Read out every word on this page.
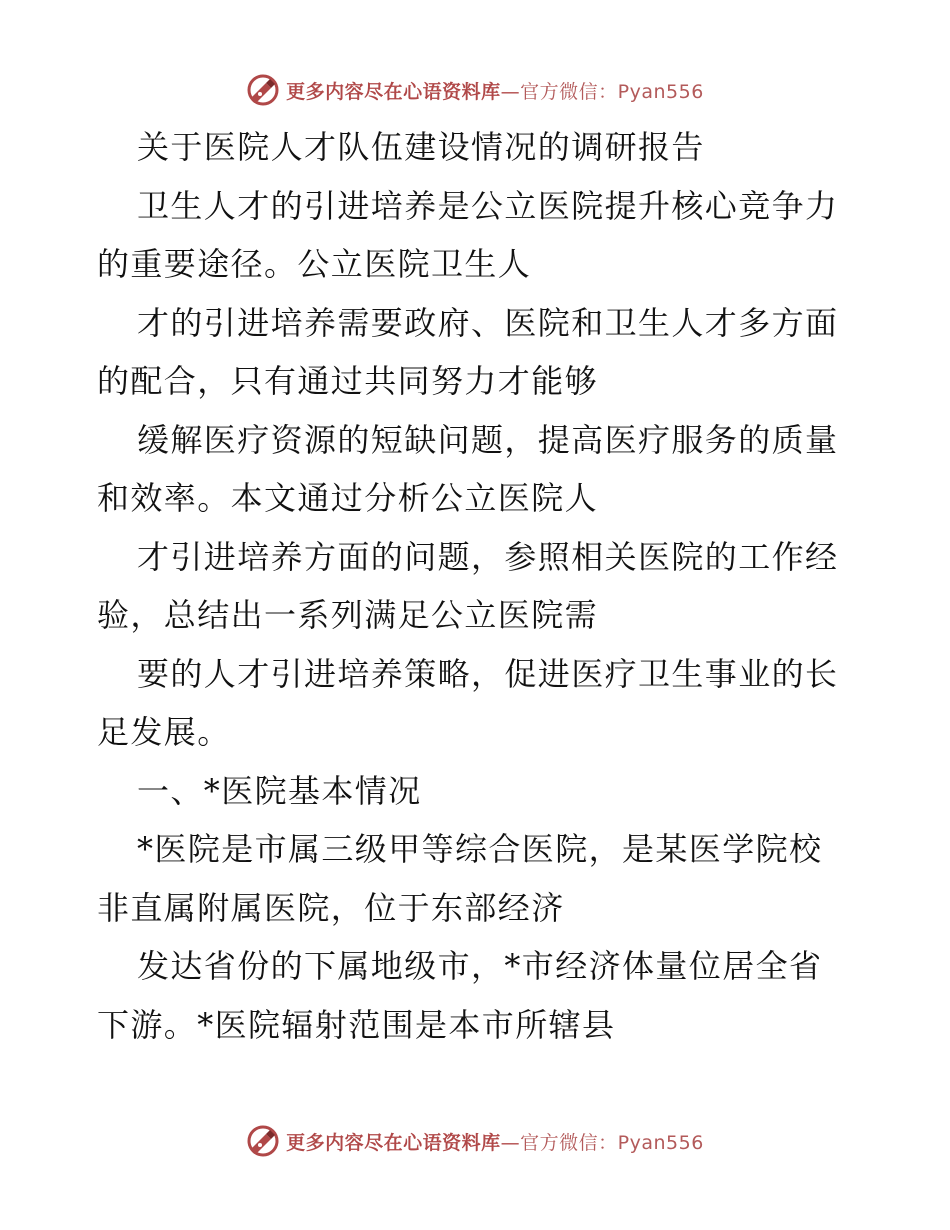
更多内容尽在心语资料库—官方微信：Pyan556
关于医院人才队伍建设情况的调研报告
卫生人才的引进培养是公立医院提升核心竞争力
的重要途径。公立医院卫生人
才的引进培养需要政府、医院和卫生人才多方面
的配合，只有通过共同努力才能够
缓解医疗资源的短缺问题，提高医疗服务的质量
和效率。本文通过分析公立医院人
才引进培养方面的问题，参照相关医院的工作经
验，总结出一系列满足公立医院需
要的人才引进培养策略，促进医疗卫生事业的长
足发展。
一、*医院基本情况
*医院是市属三级甲等综合医院，是某医学院校
非直属附属医院，位于东部经济
发达省份的下属地级市，*市经济体量位居全省
下游。*医院辐射范围是本市所辖县
更多内容尽在心语资料库—官方微信：Pyan556
